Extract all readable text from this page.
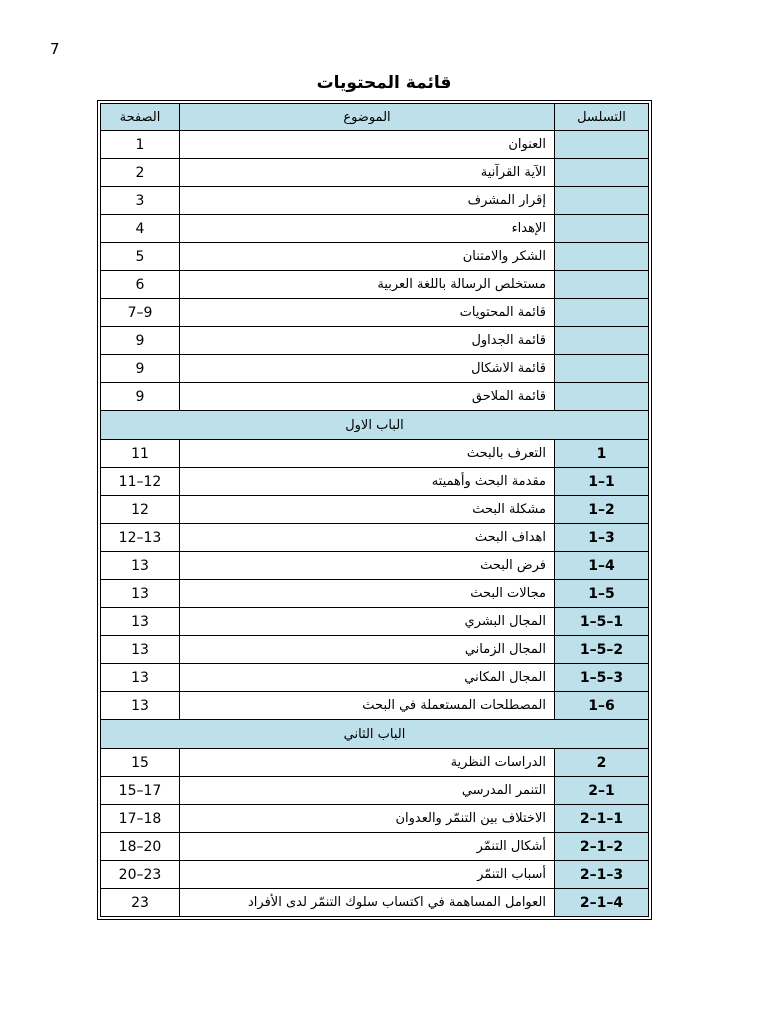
7
قائمة المحتويات
التسلسل	الموضوع	الصفحة
	العنوان	1
	الآية القرآنية	2
	إقرار المشرف	3
	الإهداء	4
	الشكر والامتنان	5
	مستخلص الرسالة باللغة العربية	6
	قائمة المحتويات	7–9
	قائمة الجداول	9
	قائمة الاشكال	9
	قائمة الملاحق	9
الباب الاول		
1	التعرف بالبحث	11
1–1	مقدمة البحث وأهميته	11–12
1–2	مشكلة البحث	12
1–3	اهداف البحث	12–13
1–4	فرض البحث	13
1–5	مجالات البحث	13
1–5–1	المجال البشري	13
1–5–2	المجال الزماني	13
1–5–3	المجال المكاني	13
1–6	المصطلحات المستعملة في البحث	13
الباب الثاني		
2	الدراسات النظرية	15
2–1	التنمر المدرسي	15–17
2–1–1	الاختلاف بين التنمّر والعدوان	17–18
2–1–2	أشكال التنمّر	18–20
2–1–3	أسباب التنمّر	20–23
2–1–4	العوامل المساهمة في اكتساب سلوك التنمّر لدى الأفراد	23
